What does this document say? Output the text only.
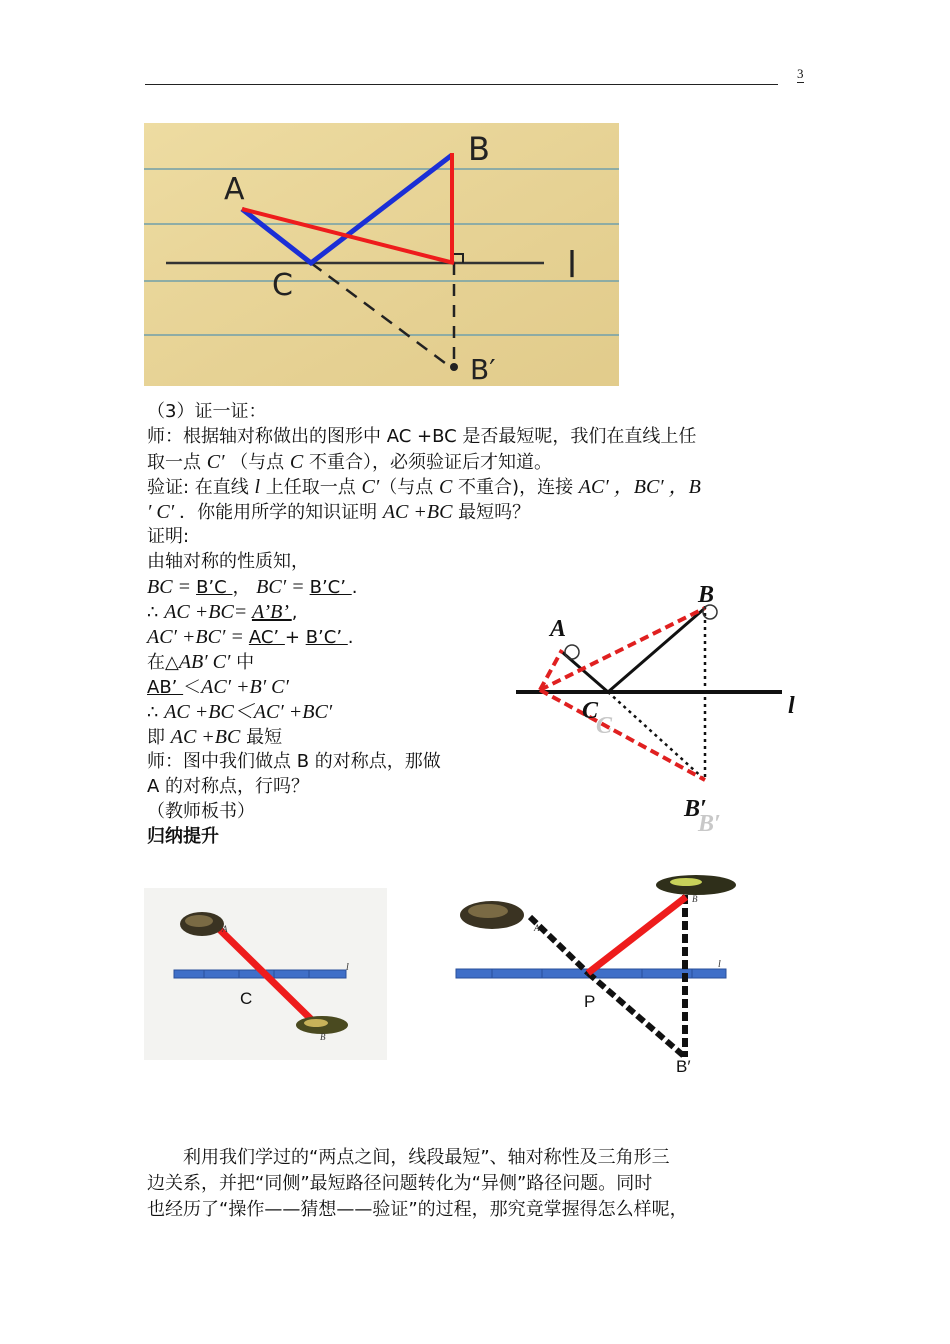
3
A
B
C	l
B′
（3）证一证：
师：根据轴对称做出的图形中 AC +BC 是否最短呢，我们在直线上任
取一点 C′ （与点 C 不重合），必须验证后才知道。
验证: 在直线 l 上任取一点 C′（与点 C 不重合)，连接 AC′ ，BC′ ，B
′ C′ ．你能用所学的知识证明 AC +BC 最短吗？
证明:
由轴对称的性质知，
BC = B’C ， BC′ = B’C’ .
∴ AC +BC= A’B’ ,
AC′ +BC′ = AC’ + B’C’ .
在△AB′ C′ 中
AB’ ＜AC′ +B′ C′
∴ AC +BC＜AC′ +BC′
即 AC +BC 最短
师：图中我们做点 B 的对称点，那做
A 的对称点，行吗？
（教师板书）
归纳提升
A
B
C
C	l
B′
B′
A
B
l
C
A
B
l
P
B′

利用我们学过的“两点之间，线段最短”、轴对称性及三角形三

边关系，并把“同侧”最短路径问题转化为“异侧”路径问题。同时

也经历了“操作——猜想——验证”的过程，那究竟掌握得怎么样呢，
